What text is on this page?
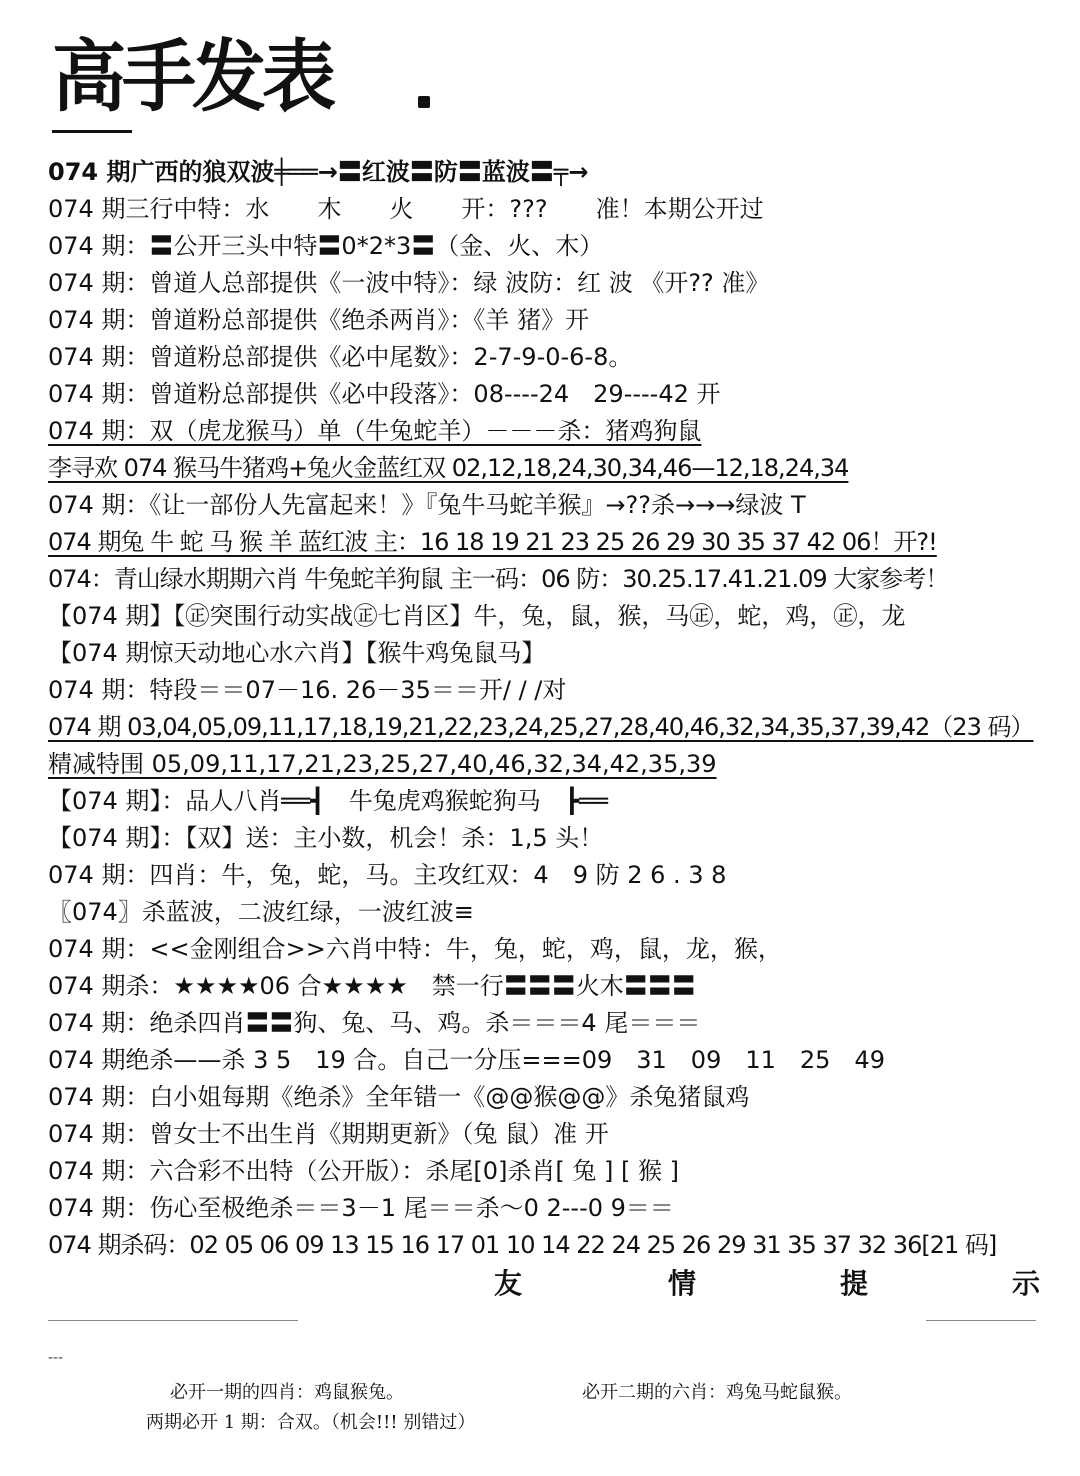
高手发表
074 期广西的狼双波╪══→〓红波〓防〓蓝波〓╤→
074 期三行中特：水　　木　　火　　开：???　　准！本期公开过
074 期：〓公开三头中特〓0*2*3〓（金、火、木）
074 期：曾道人总部提供《一波中特》：绿 波防：红 波 《开?? 准》
074 期：曾道粉总部提供《绝杀两肖》：《羊 猪》开
074 期：曾道粉总部提供《必中尾数》：2-7-9-0-6-8。
074 期：曾道粉总部提供《必中段落》：08----24　29----42 开
074 期：双（虎龙猴马）单（牛兔蛇羊）－－－杀：猪鸡狗鼠
李寻欢 074 猴马牛猪鸡+兔火金蓝红双 02,12,18,24,30,34,46—12,18,24,34
074 期：《让一部份人先富起来！》『兔牛马蛇羊猴』→??杀→→→绿波 T
074 期兔 牛 蛇 马 猴 羊 蓝红波 主：16 18 19 21 23 25 26 29 30 35 37 42 06！开?!
074：青山绿水期期六肖 牛兔蛇羊狗鼠 主一码：06 防：30.25.17.41.21.09 大家参考！
【074 期】【㊣突围行动实战㊣七肖区】牛，兔，鼠，猴，马㊣，蛇，鸡，㊣，龙
【074 期惊天动地心水六肖】【猴牛鸡兔鼠马】
074 期：特段＝＝07－16. 26－35＝＝开/ / /对
074 期 03,04,05,09,11,17,18,19,21,22,23,24,25,27,28,40,46,32,34,35,37,39,42（23 码）
精减特围 05,09,11,17,21,23,25,27,40,46,32,34,42,35,39
【074 期】：品人八肖══┫　牛兔虎鸡猴蛇狗马　┣══
【074 期】：【双】送：主小数，机会！杀：1,5 头！
074 期：四肖：牛，兔，蛇，马。主攻红双：4　9 防 2 6 . 3 8
〖074〗杀蓝波，二波红绿，一波红波≡
074 期：<<金刚组合>>六肖中特：牛，兔，蛇，鸡，鼠，龙，猴，
074 期杀：★★★★06 合★★★★　禁一行〓〓〓火木〓〓〓
074 期：绝杀四肖〓〓狗、兔、马、鸡。杀＝＝＝4 尾＝＝＝
074 期绝杀——杀 3 5　19 合。自己一分压===09　31　09　11　25　49
074 期：白小姐每期《绝杀》全年错一《@@猴@@》杀兔猪鼠鸡
074 期：曾女士不出生肖《期期更新》（兔 鼠）准 开
074 期：六合彩不出特（公开版）：杀尾[0]杀肖[ 兔 ] [ 猴 ]
074 期：伤心至极绝杀＝＝3－1 尾＝＝杀～0 2---0 9＝＝
074 期杀码：02 05 06 09 13 15 16 17 01 10 14 22 24 25 26 29 31 35 37 32 36[21 码]
友	情	提	示
---
必开一期的四肖：鸡鼠猴兔。	必开二期的六肖：鸡兔马蛇鼠猴。
两期必开 1 期：合双。（机会!!! 别错过）
